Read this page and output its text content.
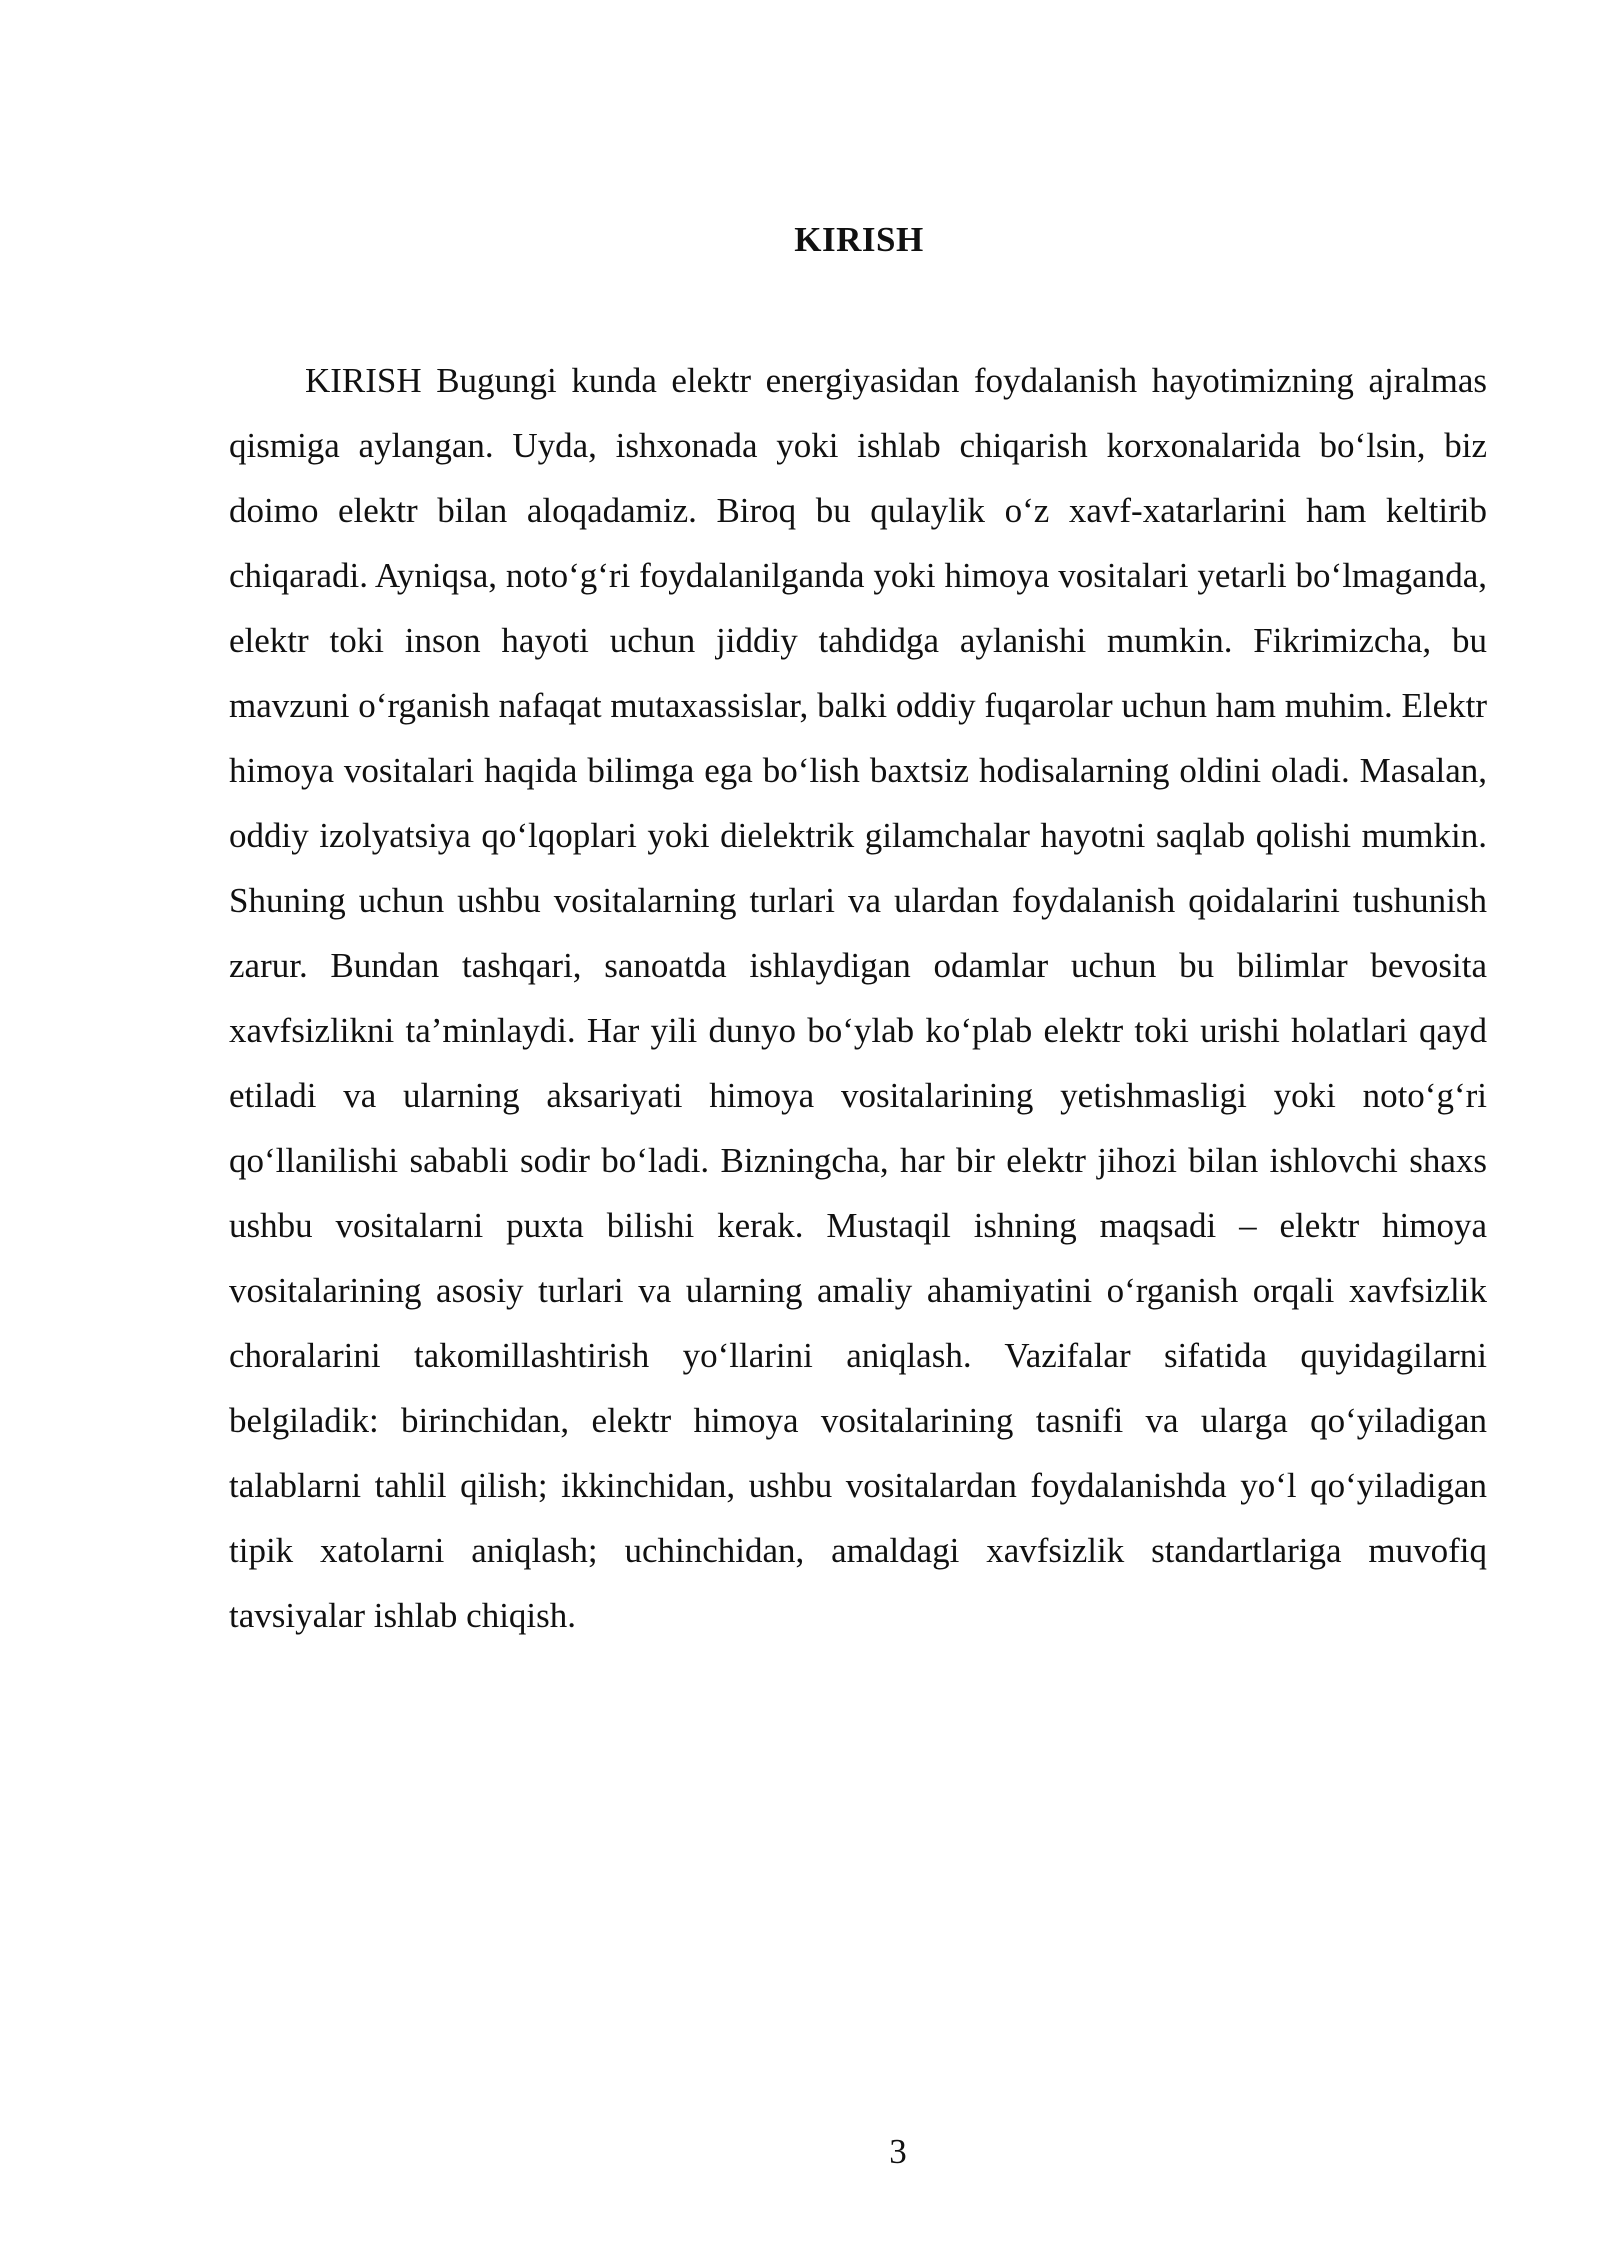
KIRISH

KIRISH Bugungi kunda elektr energiyasidan foydalanish hayotimizning ajralmas qismiga aylangan. Uyda, ishxonada yoki ishlab chiqarish korxonalarida bo‘lsin, biz doimo elektr bilan aloqadamiz. Biroq bu qulaylik o‘z xavf-xatarlarini ham keltirib chiqaradi. Ayniqsa, noto‘g‘ri foydalanilganda yoki himoya vositalari yetarli bo‘lmaganda, elektr toki inson hayoti uchun jiddiy tahdidga aylanishi mumkin. Fikrimizcha, bu mavzuni o‘rganish nafaqat mutaxassislar, balki oddiy fuqarolar uchun ham muhim. Elektr himoya vositalari haqida bilimga ega bo‘lish baxtsiz hodisalarning oldini oladi. Masalan, oddiy izolyatsiya qo‘lqoplari yoki dielektrik gilamchalar hayotni saqlab qolishi mumkin. Shuning uchun ushbu vositalarning turlari va ulardan foydalanish qoidalarini tushunish zarur. Bundan tashqari, sanoatda ishlaydigan odamlar uchun bu bilimlar bevosita xavfsizlikni ta’minlaydi. Har yili dunyo bo‘ylab ko‘plab elektr toki urishi holatlari qayd etiladi va ularning aksariyati himoya vositalarining yetishmasligi yoki noto‘g‘ri qo‘llanilishi sababli sodir bo‘ladi. Bizningcha, har bir elektr jihozi bilan ishlovchi shaxs ushbu vositalarni puxta bilishi kerak. Mustaqil ishning maqsadi – elektr himoya vositalarining asosiy turlari va ularning amaliy ahamiyatini o‘rganish orqali xavfsizlik choralarini takomillashtirish yo‘llarini aniqlash. Vazifalar sifatida quyidagilarni belgiladik: birinchidan, elektr himoya vositalarining tasnifi va ularga qo‘yiladigan talablarni tahlil qilish; ikkinchidan, ushbu vositalardan foydalanishda yo‘l qo‘yiladigan tipik xatolarni aniqlash; uchinchidan, amaldagi xavfsizlik standartlariga muvofiq tavsiyalar ishlab chiqish.

3
